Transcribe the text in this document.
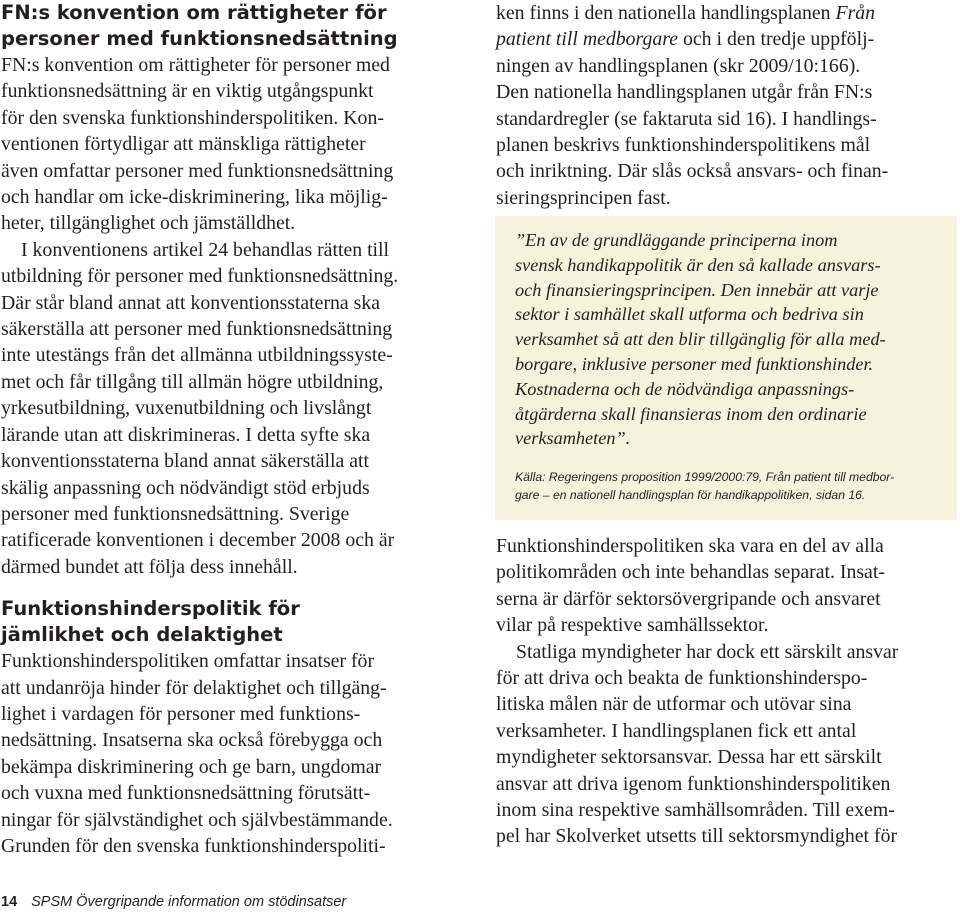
FN:s konvention om rättigheter för
personer med funktionsnedsättning

FN:s konvention om rättigheter för personer med
funktionsnedsättning är en viktig utgångspunkt
för den svenska funktionshinderspolitiken. Kon-
ventionen förtydligar att mänskliga rättigheter
även omfattar personer med funktionsnedsättning
och handlar om icke-diskriminering, lika möjlig-
heter, tillgänglighet och jämställdhet.

I konventionens artikel 24 behandlas rätten till
utbildning för personer med funktionsnedsättning.
Där står bland annat att konventionsstaterna ska
säkerställa att personer med funktionsnedsättning
inte utestängs från det allmänna utbildningssyste-
met och får tillgång till allmän högre utbildning,
yrkesutbildning, vuxenutbildning och livslångt
lärande utan att diskrimineras. I detta syfte ska
konventionsstaterna bland annat säkerställa att
skälig anpassning och nödvändigt stöd erbjuds
personer med funktionsnedsättning. Sverige
ratificerade konventionen i december 2008 och är
därmed bundet att följa dess innehåll.

Funktionshinderspolitik för
jämlikhet och delaktighet

Funktionshinderspolitiken omfattar insatser för
att undanröja hinder för delaktighet och tillgäng-
lighet i vardagen för personer med funktions-
nedsättning. Insatserna ska också förebygga och
bekämpa diskriminering och ge barn, ungdomar
och vuxna med funktionsnedsättning förutsätt-
ningar för självständighet och självbestämmande.
Grunden för den svenska funktionshinderspoliti-

ken finns i den nationella handlingsplanen Från
patient till medborgare och i den tredje uppfölj-
ningen av handlingsplanen (skr 2009/10:166).
Den nationella handlingsplanen utgår från FN:s
standardregler (se faktaruta sid 16). I handlings-
planen beskrivs funktionshinderspolitikens mål
och inriktning. Där slås också ansvars- och finan-
sieringsprincipen fast.

”En av de grundläggande principerna inom
svensk handikappolitik är den så kallade ansvars-
och finansieringsprincipen. Den innebär att varje
sektor i samhället skall utforma och bedriva sin
verksamhet så att den blir tillgänglig för alla med-
borgare, inklusive personer med funktionshinder.
Kostnaderna och de nödvändiga anpassnings-
åtgärderna skall finansieras inom den ordinarie
verksamheten”.
Källa: Regeringens proposition 1999/2000:79, Från patient till medbor-
gare – en nationell handlingsplan för handikappolitiken, sidan 16.

Funktionshinderspolitiken ska vara en del av alla
politikområden och inte behandlas separat. Insat-
serna är därför sektorsövergripande och ansvaret
vilar på respektive samhällssektor.

Statliga myndigheter har dock ett särskilt ansvar
för att driva och beakta de funktionshinderspo-
litiska målen när de utformar och utövar sina
verksamheter. I handlingsplanen fick ett antal
myndigheter sektorsansvar. Dessa har ett särskilt
ansvar att driva igenom funktionshinderspolitiken
inom sina respektive samhällsområden. Till exem-
pel har Skolverket utsetts till sektorsmyndighet för

14 SPSM Övergripande information om stödinsatser
